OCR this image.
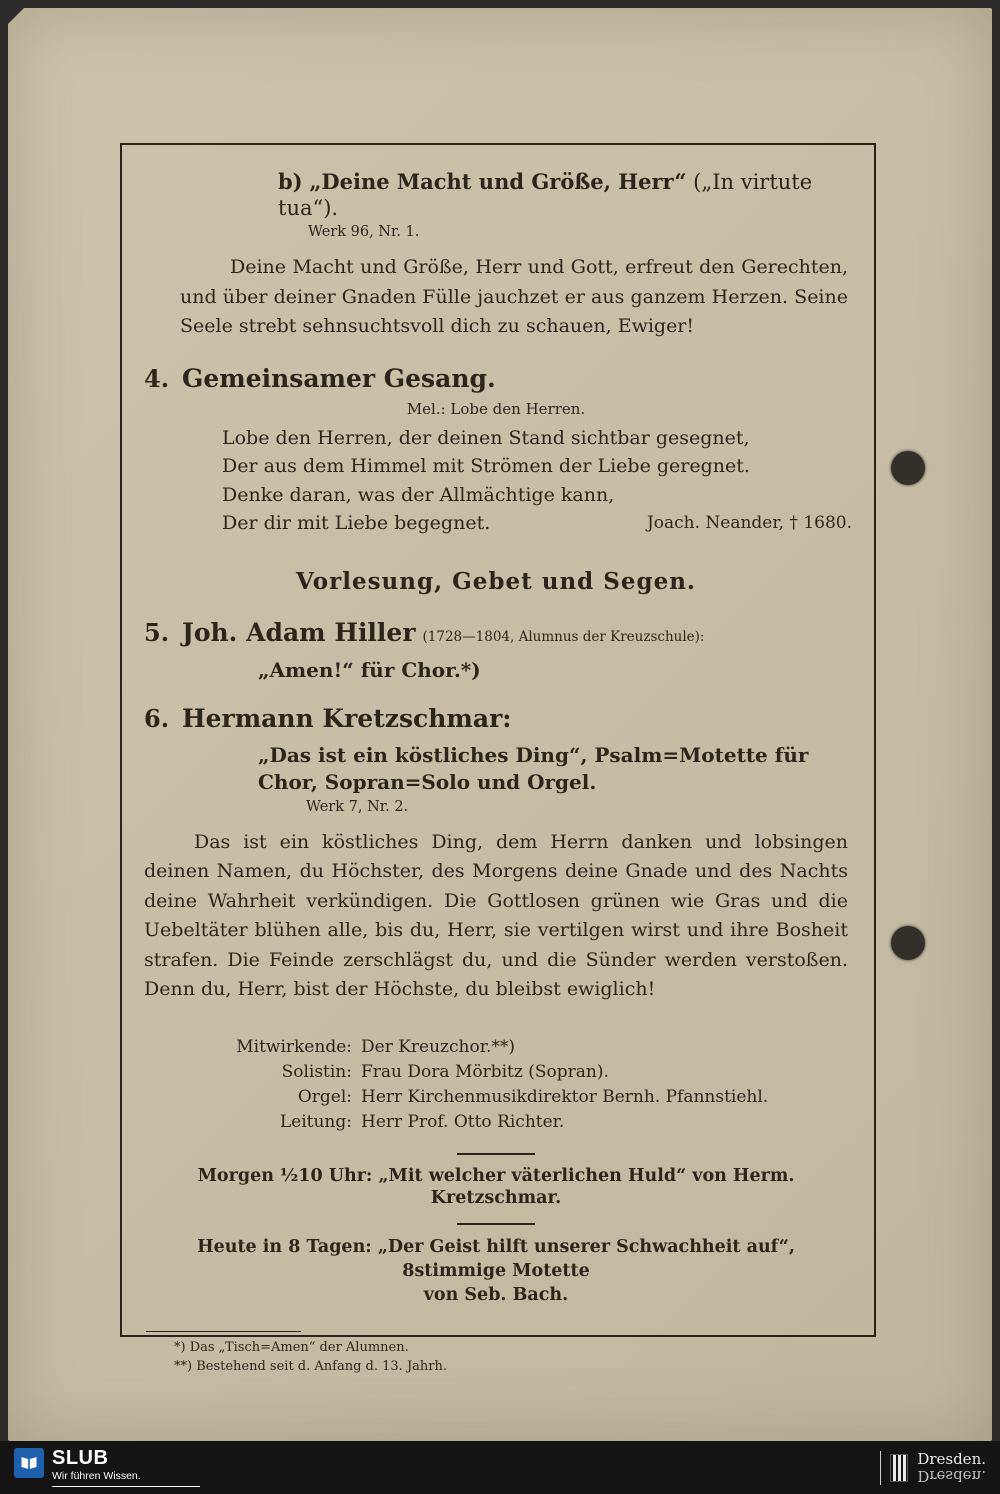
b) „Deine Macht und Größe, Herr“ („In virtute tua“).
Werk 96, Nr. 1.
Deine Macht und Größe, Herr und Gott, erfreut den Gerechten, und über deiner Gnaden Fülle jauchzet er aus ganzem Herzen. Seine Seele strebt sehnsuchtsvoll dich zu schauen, Ewiger!
4. Gemeinsamer Gesang.
Mel.: Lobe den Herren.
Lobe den Herren, der deinen Stand sichtbar gesegnet,
Der aus dem Himmel mit Strömen der Liebe geregnet.
Denke daran, was der Allmächtige kann,
Der dir mit Liebe begegnet.	Joach. Neander, † 1680.
Vorlesung, Gebet und Segen.
5. Joh. Adam Hiller (1728—1804, Alumnus der Kreuzschule):
„Amen!“ für Chor.*)
6. Hermann Kretzschmar:
„Das ist ein köstliches Ding“, Psalm=Motette für Chor, Sopran=Solo und Orgel.
Werk 7, Nr. 2.
Das ist ein köstliches Ding, dem Herrn danken und lobsingen deinen Namen, du Höchster, des Morgens deine Gnade und des Nachts deine Wahrheit verkündigen. Die Gottlosen grünen wie Gras und die Uebeltäter blühen alle, bis du, Herr, sie vertilgen wirst und ihre Bosheit strafen. Die Feinde zerschlägst du, und die Sünder werden verstoßen. Denn du, Herr, bist der Höchste, du bleibst ewiglich!
Mitwirkende: Der Kreuzchor.**)
Solistin: Frau Dora Mörbitz (Sopran).
Orgel: Herr Kirchenmusikdirektor Bernh. Pfannstiehl.
Leitung: Herr Prof. Otto Richter.
Morgen ½10 Uhr: „Mit welcher väterlichen Huld“ von Herm. Kretzschmar.
Heute in 8 Tagen: „Der Geist hilft unserer Schwachheit auf“, 8stimmige Motette
von Seb. Bach.
*) Das „Tisch=Amen“ der Alumnen.
**) Bestehend seit d. Anfang d. 13. Jahrh.
SLUB
Wir führen Wissen.
Dresden.
Dresden.
